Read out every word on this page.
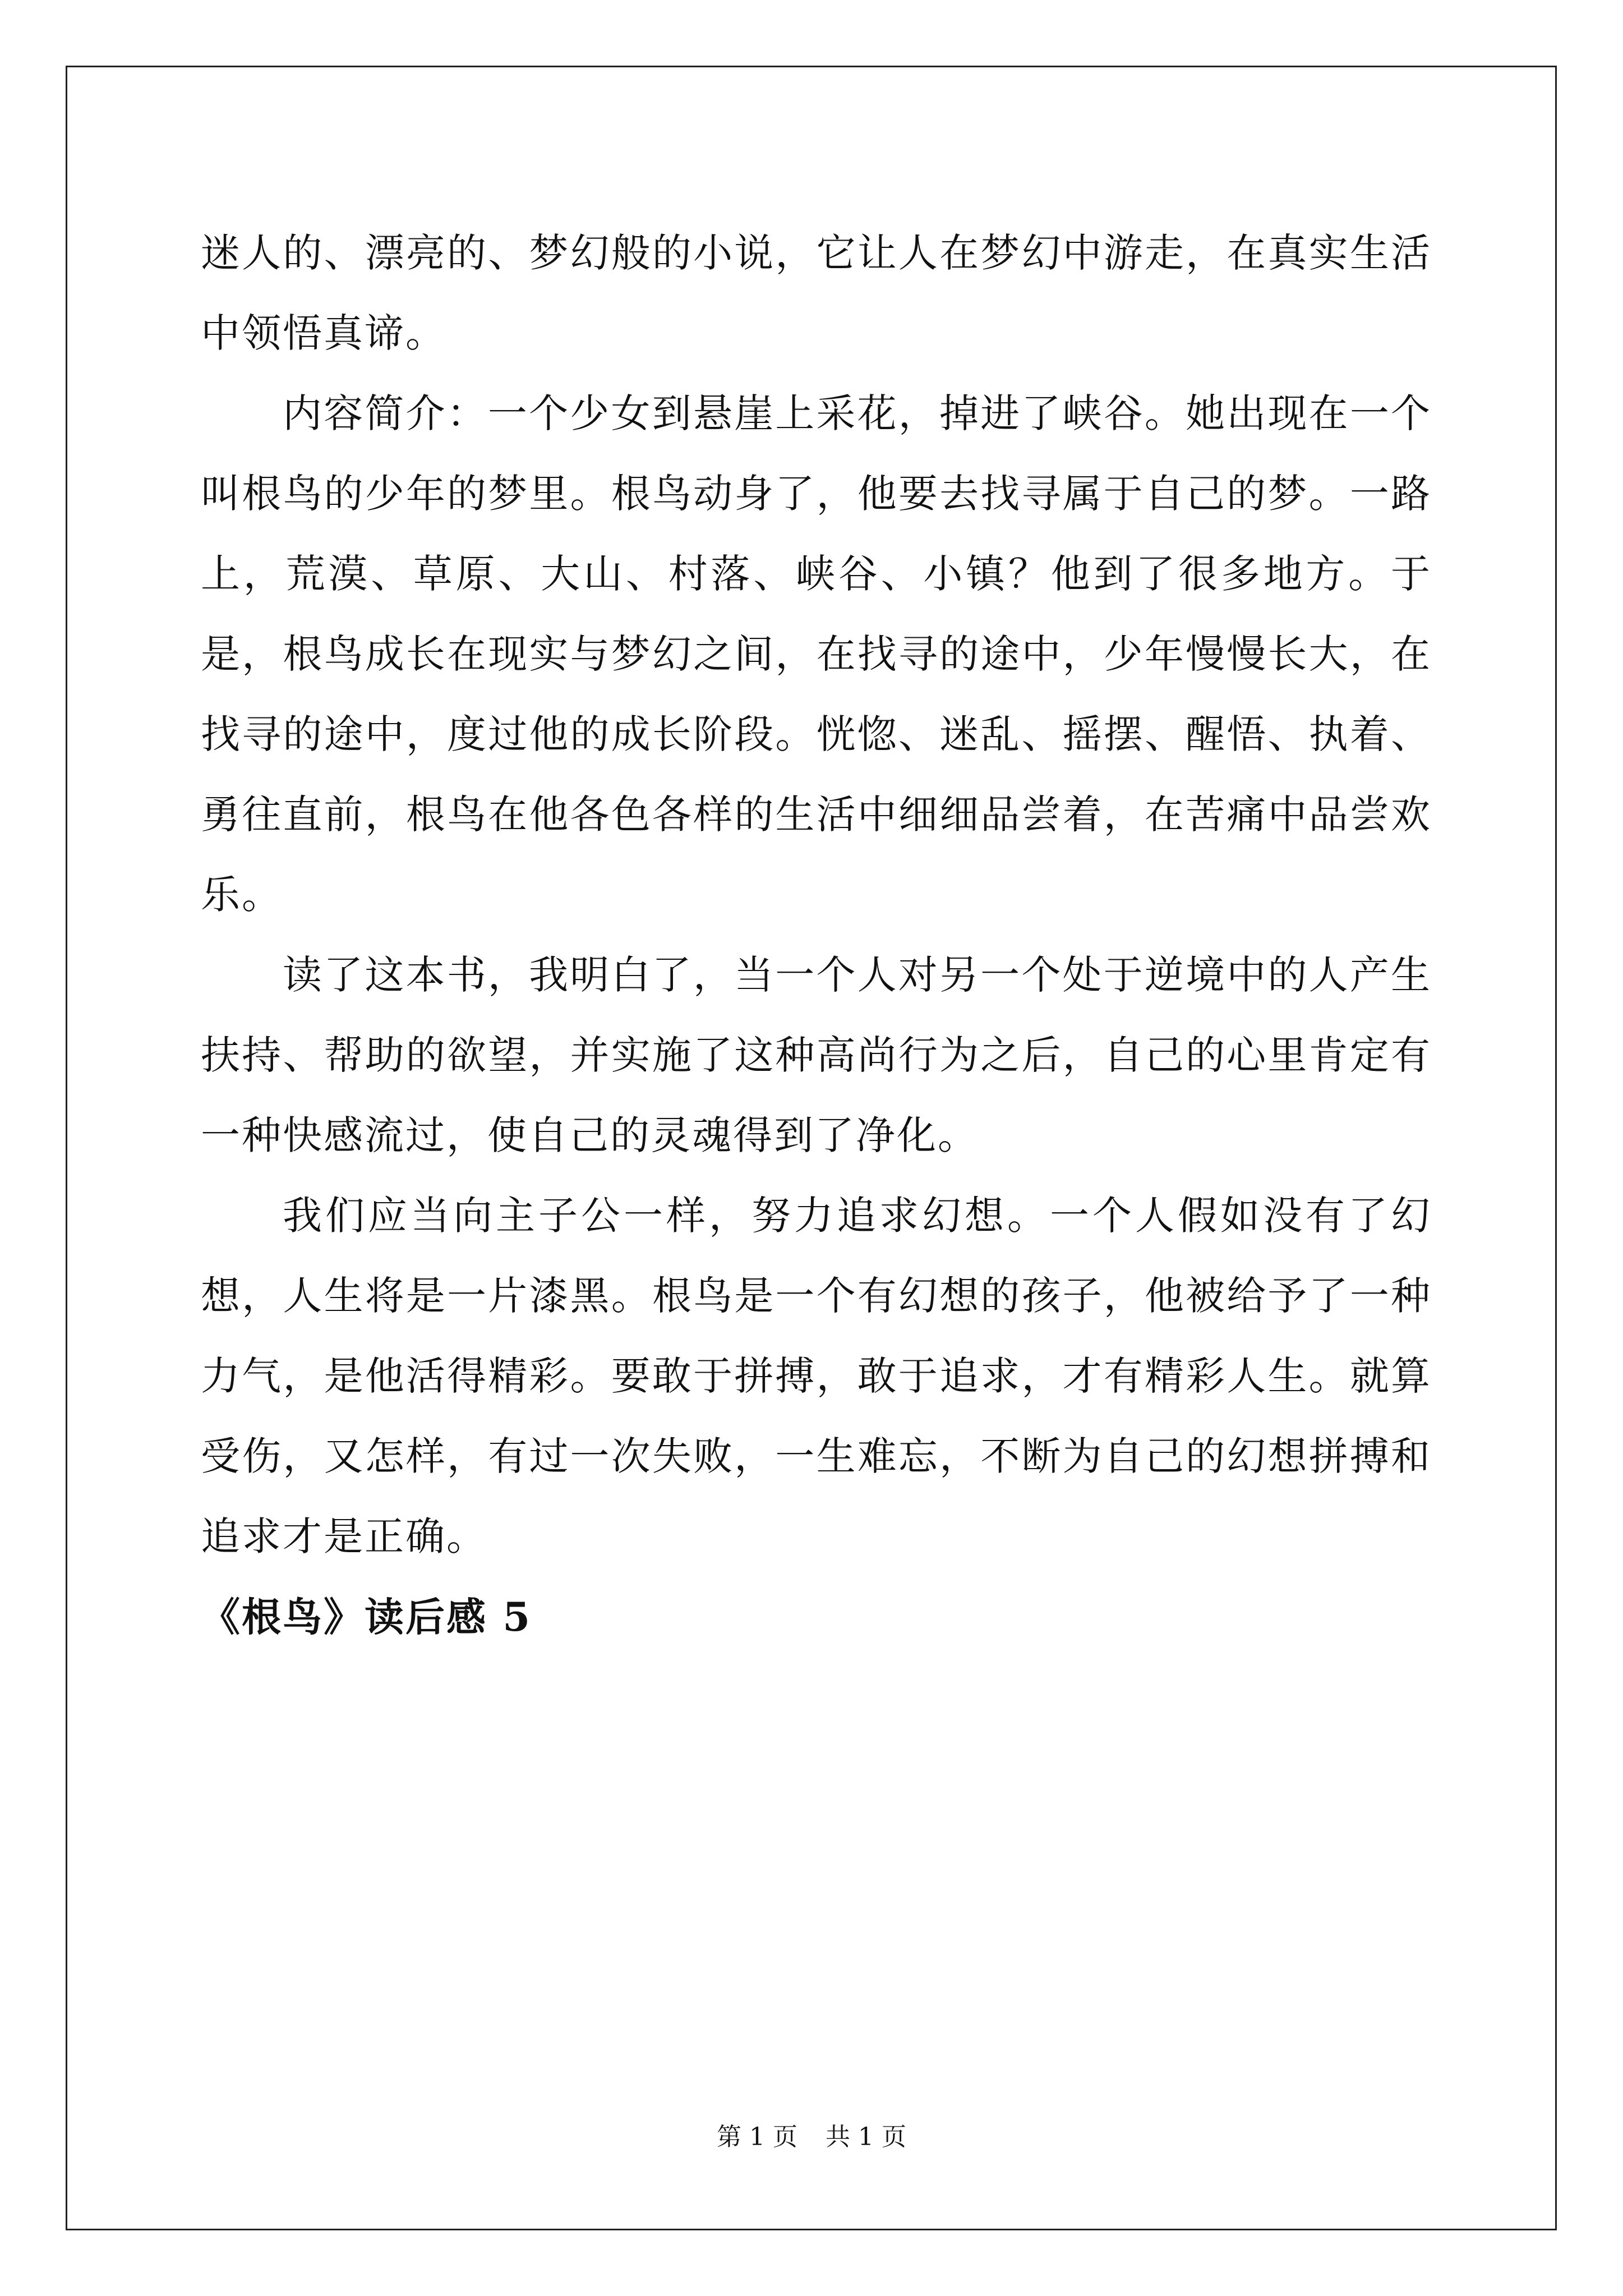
迷人的、漂亮的、梦幻般的小说，它让人在梦幻中游走，在真实生活中领悟真谛。

内容简介：一个少女到悬崖上采花，掉进了峡谷。她出现在一个叫根鸟的少年的梦里。根鸟动身了，他要去找寻属于自己的梦。一路上，荒漠、草原、大山、村落、峡谷、小镇？他到了很多地方。于是，根鸟成长在现实与梦幻之间，在找寻的途中，少年慢慢长大，在找寻的途中，度过他的成长阶段。恍惚、迷乱、摇摆、醒悟、执着、勇往直前，根鸟在他各色各样的生活中细细品尝着，在苦痛中品尝欢乐。

读了这本书，我明白了，当一个人对另一个处于逆境中的人产生扶持、帮助的欲望，并实施了这种高尚行为之后，自己的心里肯定有一种快感流过，使自己的灵魂得到了净化。

我们应当向主子公一样，努力追求幻想。一个人假如没有了幻想，人生将是一片漆黑。根鸟是一个有幻想的孩子，他被给予了一种力气，是他活得精彩。要敢于拼搏，敢于追求，才有精彩人生。就算受伤，又怎样，有过一次失败，一生难忘，不断为自己的幻想拼搏和追求才是正确。

《根鸟》读后感 5
第 1 页 共 1 页
